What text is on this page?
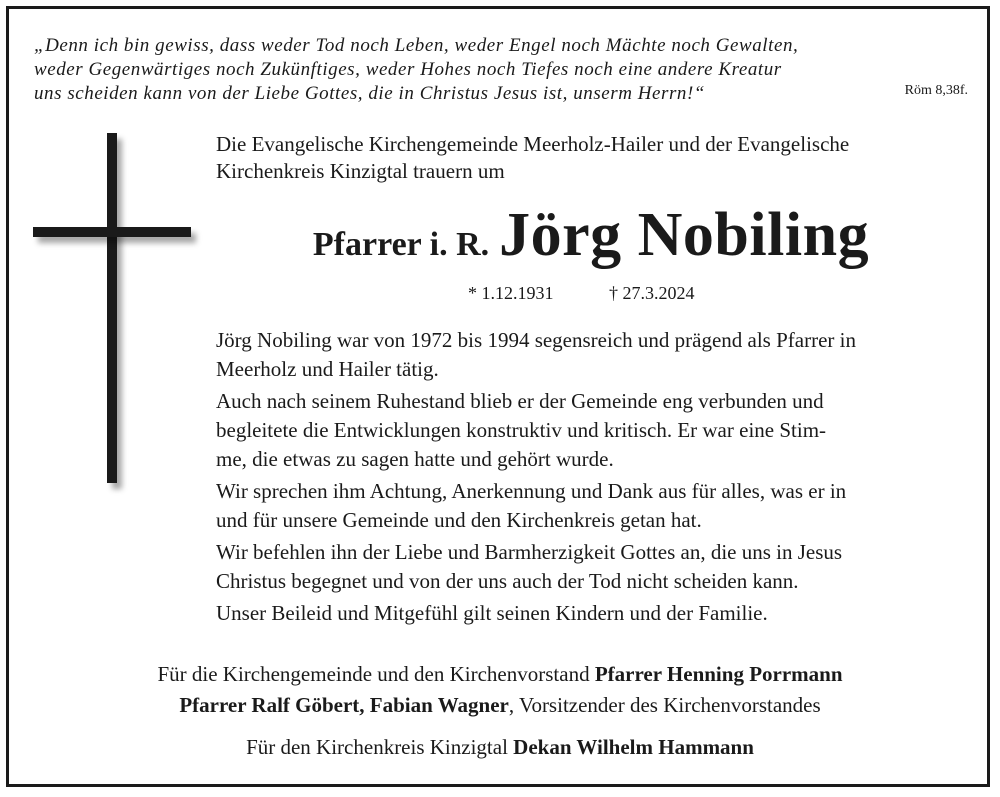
„Denn ich bin gewiss, dass weder Tod noch Leben, weder Engel noch Mächte noch Gewalten,
weder Gegenwärtiges noch Zukünftiges, weder Hohes noch Tiefes noch eine andere Kreatur
uns scheiden kann von der Liebe Gottes, die in Christus Jesus ist, unserm Herrn!“	Röm 8,38f.
Die Evangelische Kirchengemeinde Meerholz-Hailer und der Evangelische
Kirchenkreis Kinzigtal trauern um
Pfarrer i. R. Jörg Nobiling
* 1.12.1931	† 27.3.2024
Jörg Nobiling war von 1972 bis 1994 segensreich und prägend als Pfarrer in
Meerholz und Hailer tätig.
Auch nach seinem Ruhestand blieb er der Gemeinde eng verbunden und
begleitete die Entwicklungen konstruktiv und kritisch. Er war eine Stim-
me, die etwas zu sagen hatte und gehört wurde.
Wir sprechen ihm Achtung, Anerkennung und Dank aus für alles, was er in
und für unsere Gemeinde und den Kirchenkreis getan hat.
Wir befehlen ihn der Liebe und Barmherzigkeit Gottes an, die uns in Jesus
Christus begegnet und von der uns auch der Tod nicht scheiden kann.
Unser Beileid und Mitgefühl gilt seinen Kindern und der Familie.
Für die Kirchengemeinde und den Kirchenvorstand Pfarrer Henning Porrmann
Pfarrer Ralf Göbert, Fabian Wagner, Vorsitzender des Kirchenvorstandes
Für den Kirchenkreis Kinzigtal Dekan Wilhelm Hammann
